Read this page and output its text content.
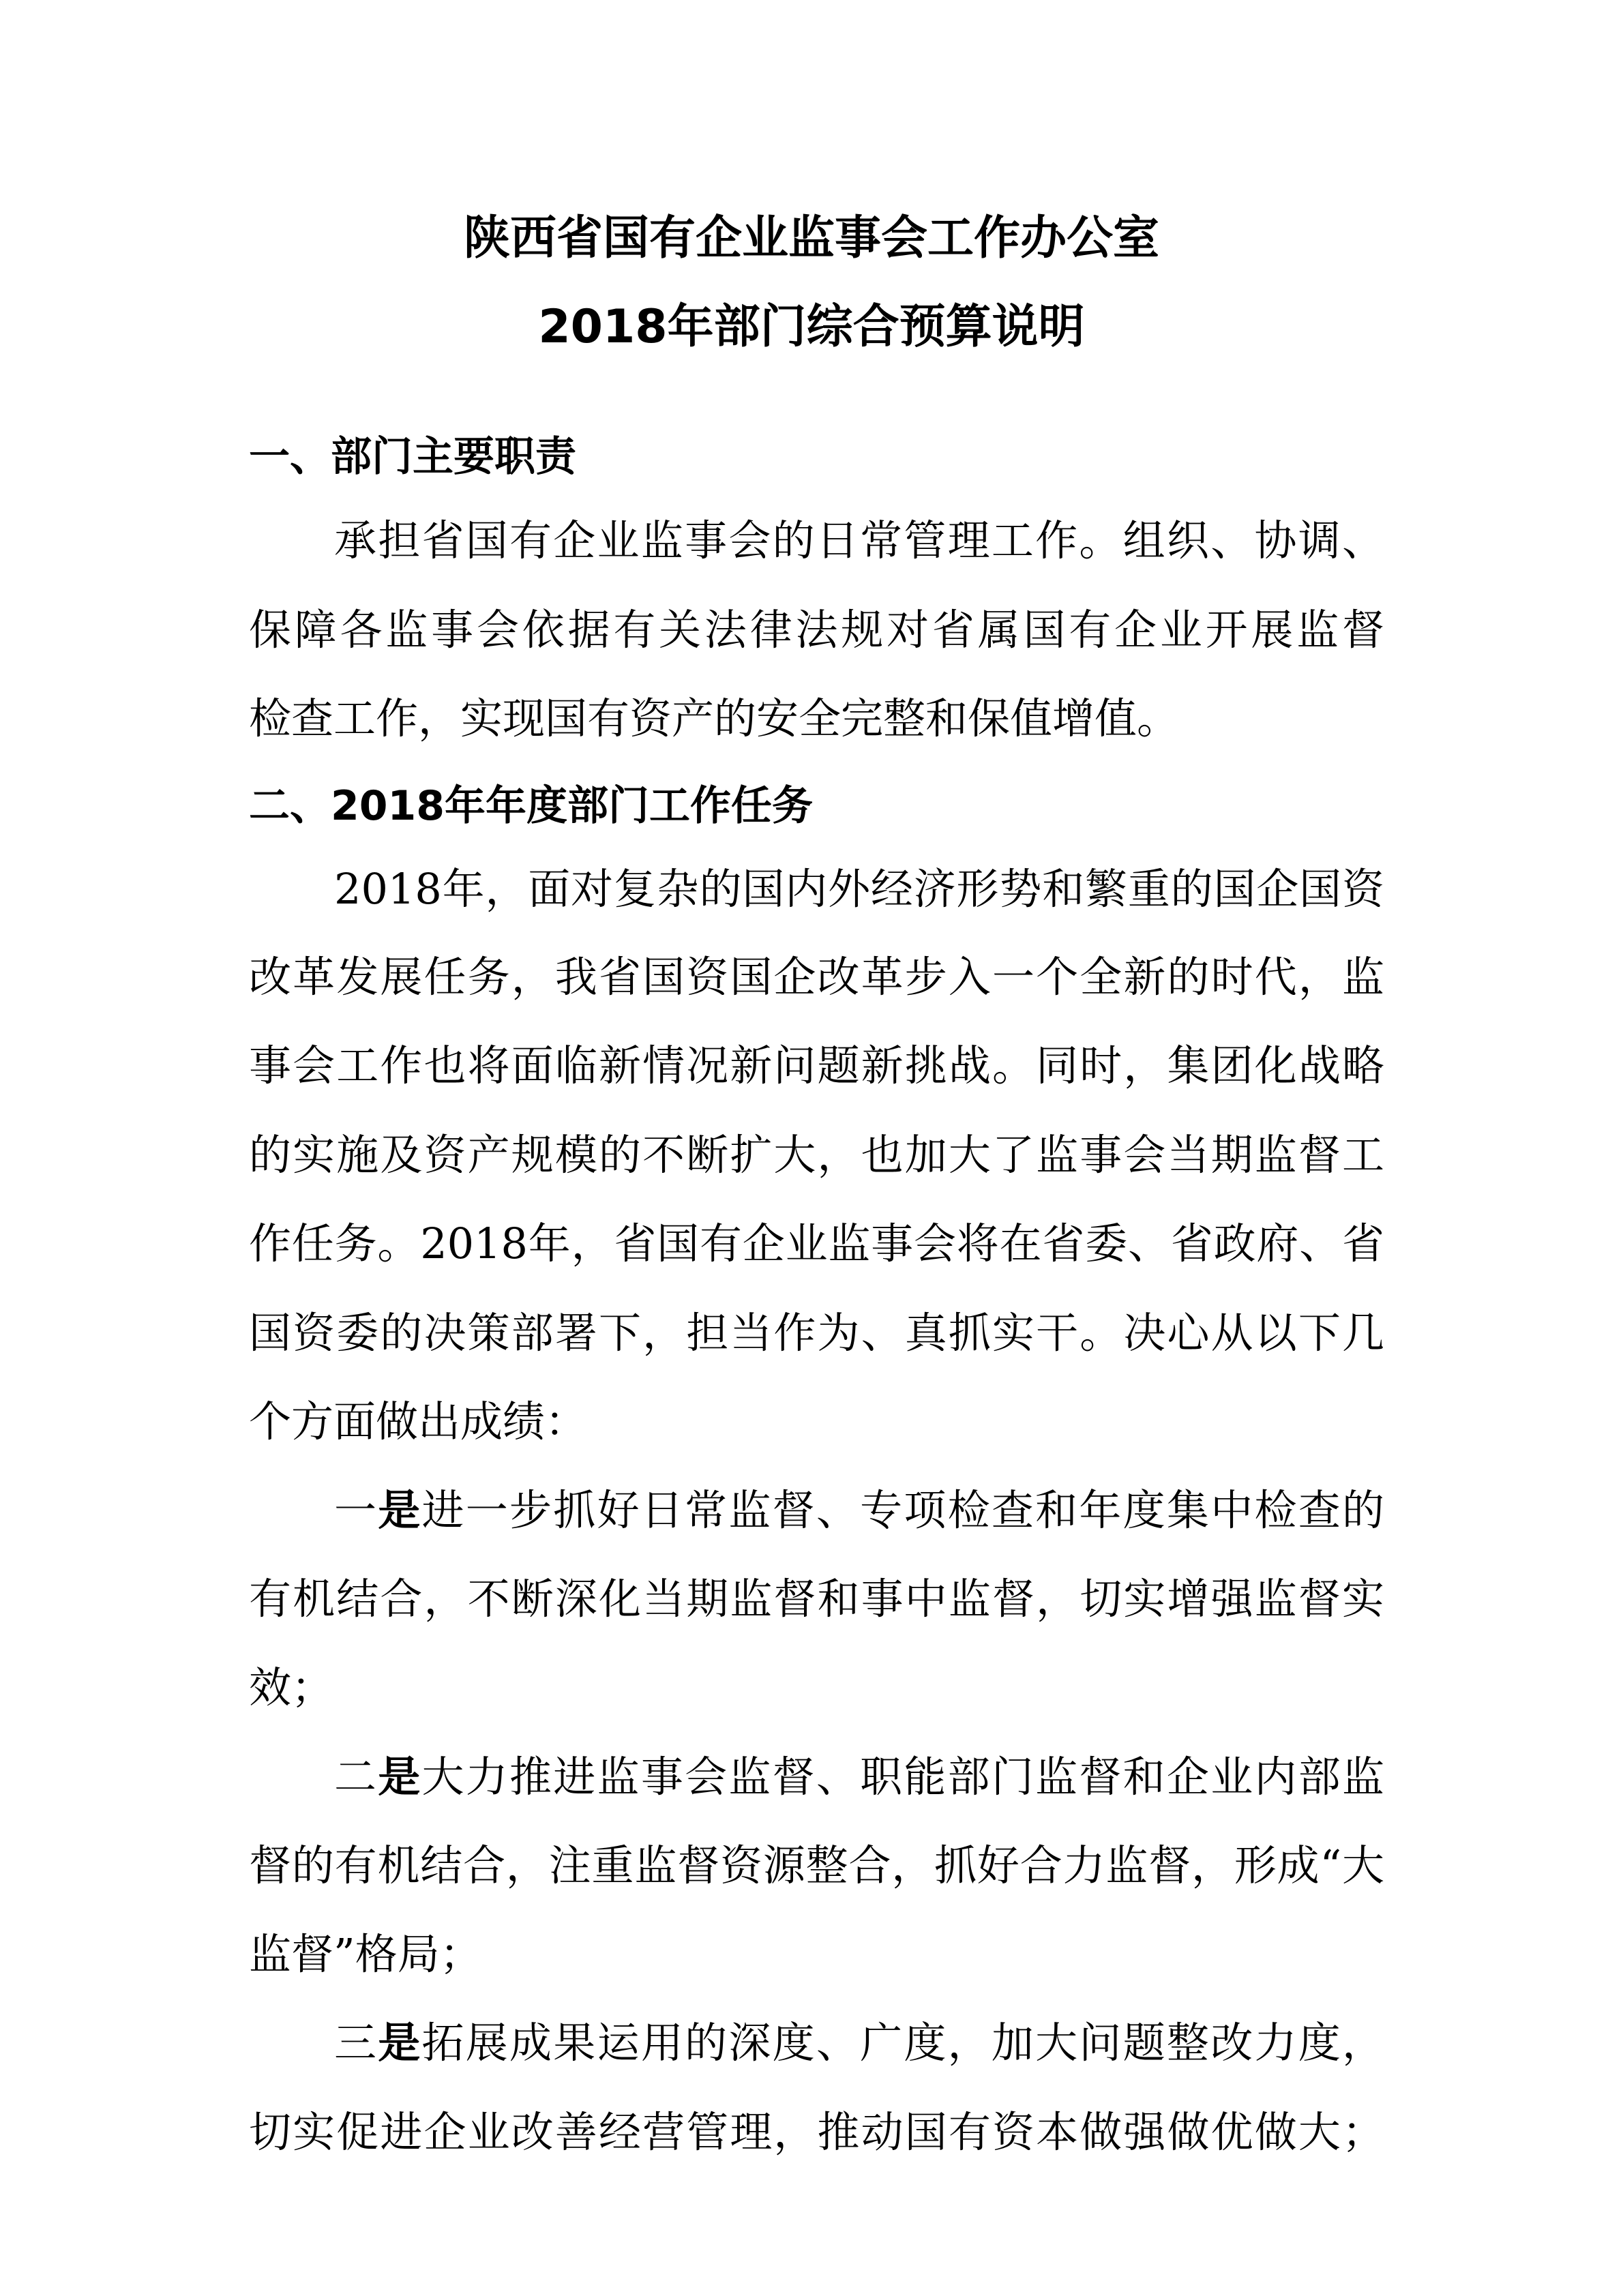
陕西省国有企业监事会工作办公室
2018年部门综合预算说明
一、部门主要职责
承担省国有企业监事会的日常管理工作。组织、协调、
保障各监事会依据有关法律法规对省属国有企业开展监督
检查工作，实现国有资产的安全完整和保值增值。
二、2018年年度部门工作任务
2018年，面对复杂的国内外经济形势和繁重的国企国资
改革发展任务，我省国资国企改革步入一个全新的时代，监
事会工作也将面临新情况新问题新挑战。同时，集团化战略
的实施及资产规模的不断扩大，也加大了监事会当期监督工
作任务。2018年，省国有企业监事会将在省委、省政府、省
国资委的决策部署下，担当作为、真抓实干。决心从以下几
个方面做出成绩：
一是进一步抓好日常监督、专项检查和年度集中检查的
有机结合，不断深化当期监督和事中监督，切实增强监督实
效；
二是大力推进监事会监督、职能部门监督和企业内部监
督的有机结合，注重监督资源整合，抓好合力监督，形成“大
监督”格局；
三是拓展成果运用的深度、广度，加大问题整改力度，
切实促进企业改善经营管理，推动国有资本做强做优做大；
